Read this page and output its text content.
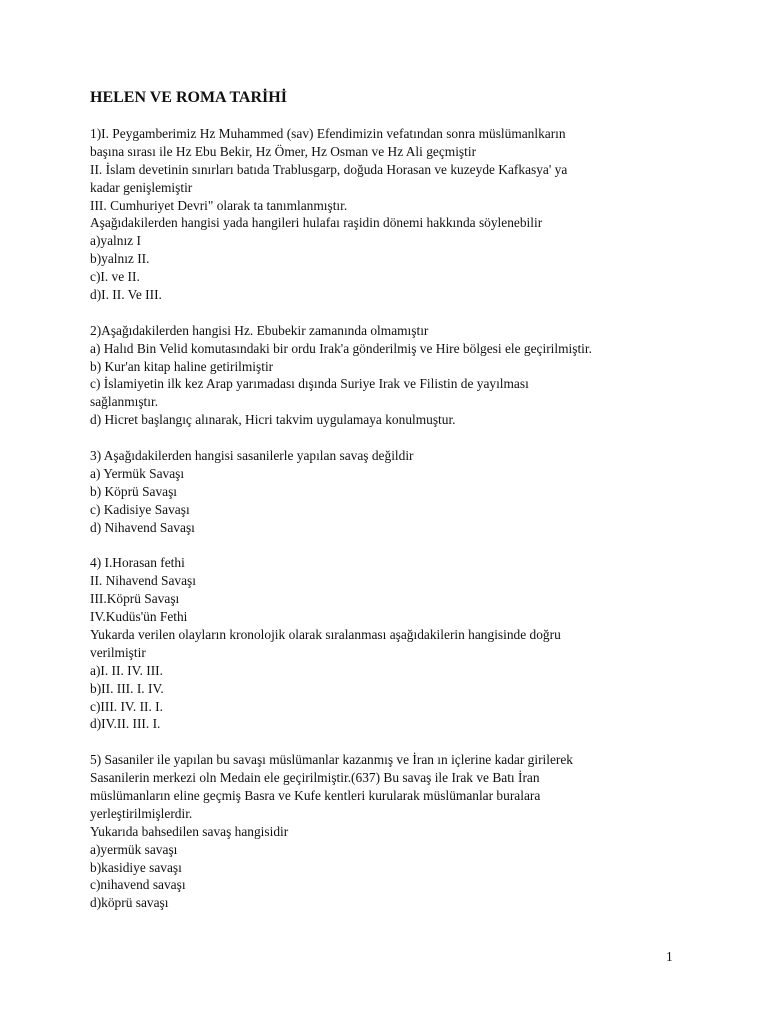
HELEN VE ROMA TARİHİ
1)I. Peygamberimiz Hz Muhammed (sav) Efendimizin vefatından sonra müslümanlkarın
başına sırası ile Hz Ebu Bekir, Hz Ömer, Hz Osman ve Hz Ali geçmiştir
II. İslam devetinin sınırları batıda Trablusgarp, doğuda Horasan ve kuzeyde Kafkasya' ya
kadar genişlemiştir
III. Cumhuriyet Devri" olarak ta tanımlanmıştır.
Aşağıdakilerden hangisi yada hangileri hulafaı raşidin dönemi hakkında söylenebilir
a)yalnız I
b)yalnız II.
c)I. ve II.
d)I. II. Ve III.
2)Aşağıdakilerden hangisi Hz. Ebubekir zamanında olmamıştır
a) Halıd Bin Velid komutasındaki bir ordu Irak'a gönderilmiş ve Hire bölgesi ele geçirilmiştir.
b) Kur'an kitap haline getirilmiştir
c) İslamiyetin ilk kez Arap yarımadası dışında Suriye Irak ve Filistin de yayılması
sağlanmıştır.
d) Hicret başlangıç alınarak, Hicri takvim uygulamaya konulmuştur.
3) Aşağıdakilerden hangisi sasanilerle yapılan savaş değildir
a) Yermük Savaşı
b) Köprü Savaşı
c) Kadisiye Savaşı
d) Nihavend Savaşı
4) I.Horasan fethi
II. Nihavend Savaşı
III.Köprü Savaşı
IV.Kudüs'ün Fethi
Yukarda verilen olayların kronolojik olarak sıralanması aşağıdakilerin hangisinde doğru
verilmiştir
a)I. II. IV. III.
b)II. III. I. IV.
c)III. IV. II. I.
d)IV.II. III. I.
5) Sasaniler ile yapılan bu savaşı müslümanlar kazanmış ve İran ın içlerine kadar girilerek
Sasanilerin merkezi oln Medain ele geçirilmiştir.(637) Bu savaş ile Irak ve Batı İran
müslümanların eline geçmiş Basra ve Kufe kentleri kurularak müslümanlar buralara
yerleştirilmişlerdir.
Yukarıda bahsedilen savaş hangisidir
a)yermük savaşı
b)kasidiye savaşı
c)nihavend savaşı
d)köprü savaşı
1
